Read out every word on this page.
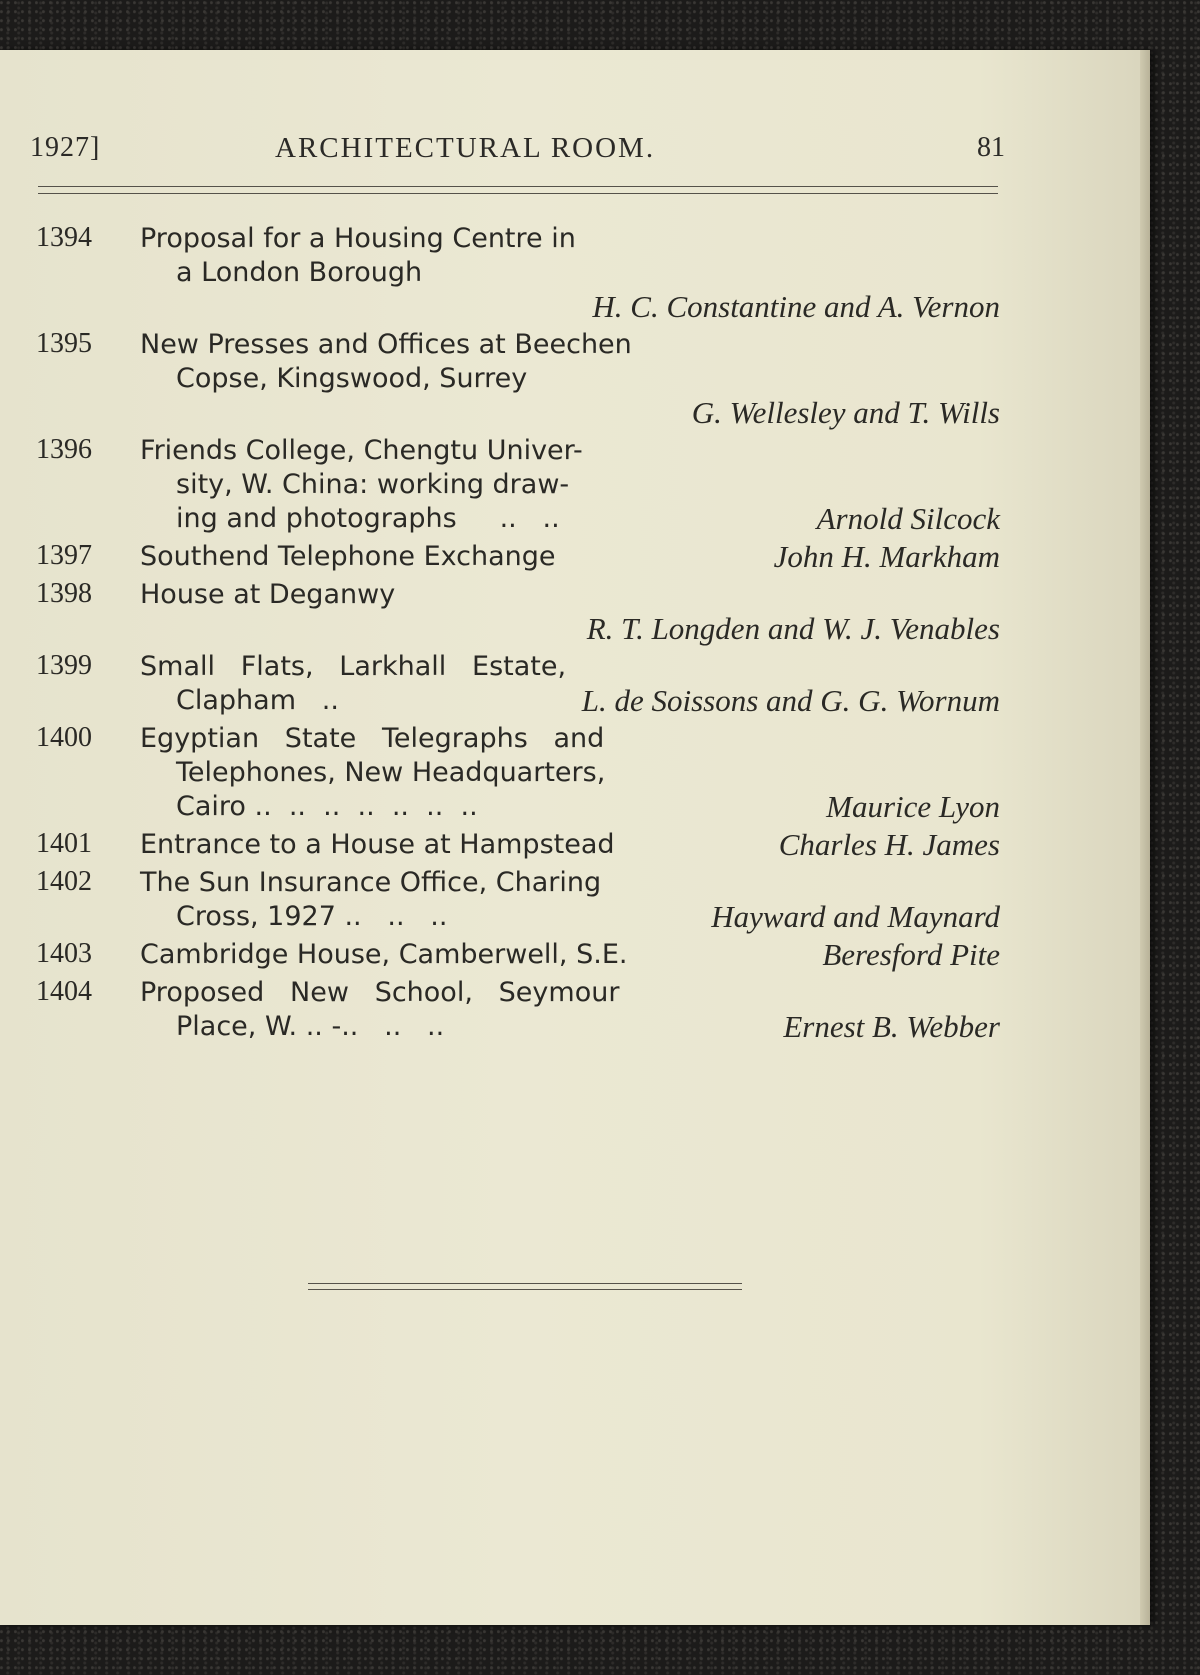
1927]	ARCHITECTURAL ROOM.	81
1394	Proposal for a Housing Centre in
a London Borough
H. C. Constantine and A. Vernon
1395	New Presses and Offices at Beechen
Copse, Kingswood, Surrey
G. Wellesley and T. Wills
1396	Friends College, Chengtu Univer-
sity, W. China: working draw-
ing and photographs     ..   ..	Arnold Silcock
1397	Southend Telephone Exchange	John H. Markham
1398	House at Deganwy
R. T. Longden and W. J. Venables
1399	Small   Flats,   Larkhall   Estate,
Clapham   ..	L. de Soissons and G. G. Wornum
1400	Egyptian   State   Telegraphs   and
Telephones, New Headquarters,
Cairo ..  ..  ..  ..  ..  ..  ..	Maurice Lyon
1401	Entrance to a House at Hampstead	Charles H. James
1402	The Sun Insurance Office, Charing
Cross, 1927 ..   ..   ..	Hayward and Maynard
1403	Cambridge House, Camberwell, S.E.	Beresford Pite
1404	Proposed   New   School,   Seymour
Place, W. .. -..   ..   ..	Ernest B. Webber
